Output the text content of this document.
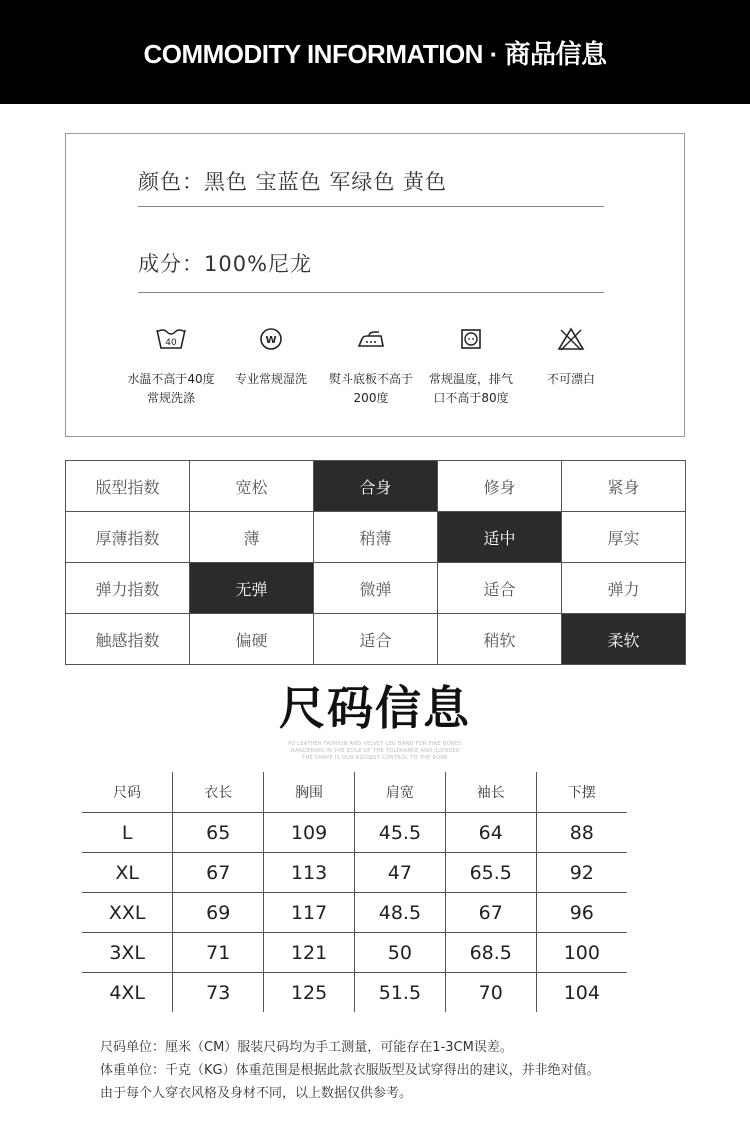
COMMODITY INFORMATION · 商品信息
颜色：黑色 宝蓝色 军绿色 黄色
成分：100%尼龙
40
水温不高于40度
常规洗涤
W
专业常规湿洗	熨斗底板不高于
200度
常规温度，排气
口不高于80度
不可漂白
版型指数	宽松	合身	修身	紧身
厚薄指数	薄	稍薄	适中	厚实
弹力指数	无弹	微弹	适合	弹力
触感指数	偏硬	适合	稍软	柔软
尺码信息
PU LEATHER FASHION AND VELVET LEG BAND FOR FINE BONES
WANDERING IN THE EDGE OF THE TOLERANCE AND SLENDER
THE SHAPE IS OUR BIGGEST CONTROL TO THE BONE
尺码	衣长	胸围	肩宽	袖长	下摆
L	65	109	45.5	64	88
XL	67	113	47	65.5	92
XXL	69	117	48.5	67	96
3XL	71	121	50	68.5	100
4XL	73	125	51.5	70	104
尺码单位：厘米（CM）服装尺码均为手工测量，可能存在1-3CM误差。
体重单位：千克（KG）体重范围是根据此款衣服版型及试穿得出的建议，并非绝对值。
由于每个人穿衣风格及身材不同，以上数据仅供参考。
